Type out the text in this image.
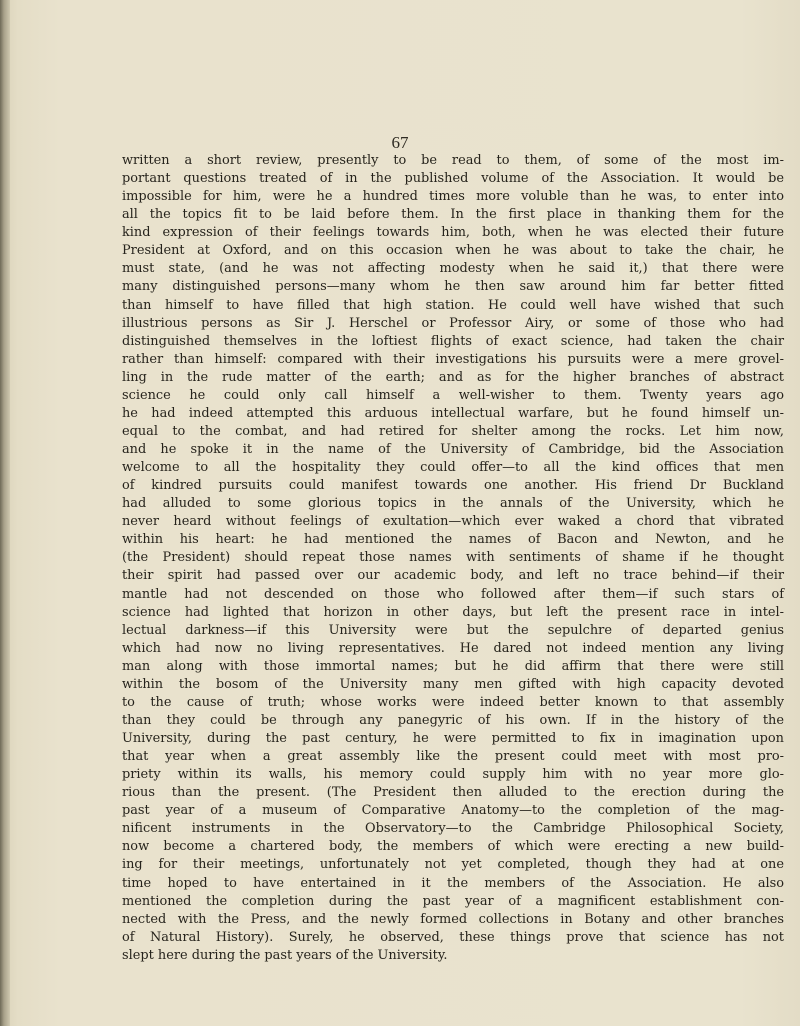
67
written a short review, presently to be read to them, of some of the most im-
portant questions treated of in the published volume of the Association. It would be
impossible for him, were he a hundred times more voluble than he was, to enter into
all the topics fit to be laid before them. In the first place in thanking them for the
kind expression of their feelings towards him, both, when he was elected their future
President at Oxford, and on this occasion when he was about to take the chair, he
must state, (and he was not affecting modesty when he said it,) that there were
many distinguished persons—many whom he then saw around him far better fitted
than himself to have filled that high station. He could well have wished that such
illustrious persons as Sir J. Herschel or Professor Airy, or some of those who had
distinguished themselves in the loftiest flights of exact science, had taken the chair
rather than himself: compared with their investigations his pursuits were a mere grovel-
ling in the rude matter of the earth; and as for the higher branches of abstract
science he could only call himself a well-wisher to them. Twenty years ago
he had indeed attempted this arduous intellectual warfare, but he found himself un-
equal to the combat, and had retired for shelter among the rocks. Let him now,
and he spoke it in the name of the University of Cambridge, bid the Association
welcome to all the hospitality they could offer—to all the kind offices that men
of kindred pursuits could manifest towards one another. His friend Dr Buckland
had alluded to some glorious topics in the annals of the University, which he
never heard without feelings of exultation—which ever waked a chord that vibrated
within his heart: he had mentioned the names of Bacon and Newton, and he
(the President) should repeat those names with sentiments of shame if he thought
their spirit had passed over our academic body, and left no trace behind—if their
mantle had not descended on those who followed after them—if such stars of
science had lighted that horizon in other days, but left the present race in intel-
lectual darkness—if this University were but the sepulchre of departed genius
which had now no living representatives. He dared not indeed mention any living
man along with those immortal names; but he did affirm that there were still
within the bosom of the University many men gifted with high capacity devoted
to the cause of truth; whose works were indeed better known to that assembly
than they could be through any panegyric of his own. If in the history of the
University, during the past century, he were permitted to fix in imagination upon
that year when a great assembly like the present could meet with most pro-
priety within its walls, his memory could supply him with no year more glo-
rious than the present. (The President then alluded to the erection during the
past year of a museum of Comparative Anatomy—to the completion of the mag-
nificent instruments in the Observatory—to the Cambridge Philosophical Society,
now become a chartered body, the members of which were erecting a new build-
ing for their meetings, unfortunately not yet completed, though they had at one
time hoped to have entertained in it the members of the Association. He also
mentioned the completion during the past year of a magnificent establishment con-
nected with the Press, and the newly formed collections in Botany and other branches
of Natural History). Surely, he observed, these things prove that science has not
slept here during the past years of the University.
